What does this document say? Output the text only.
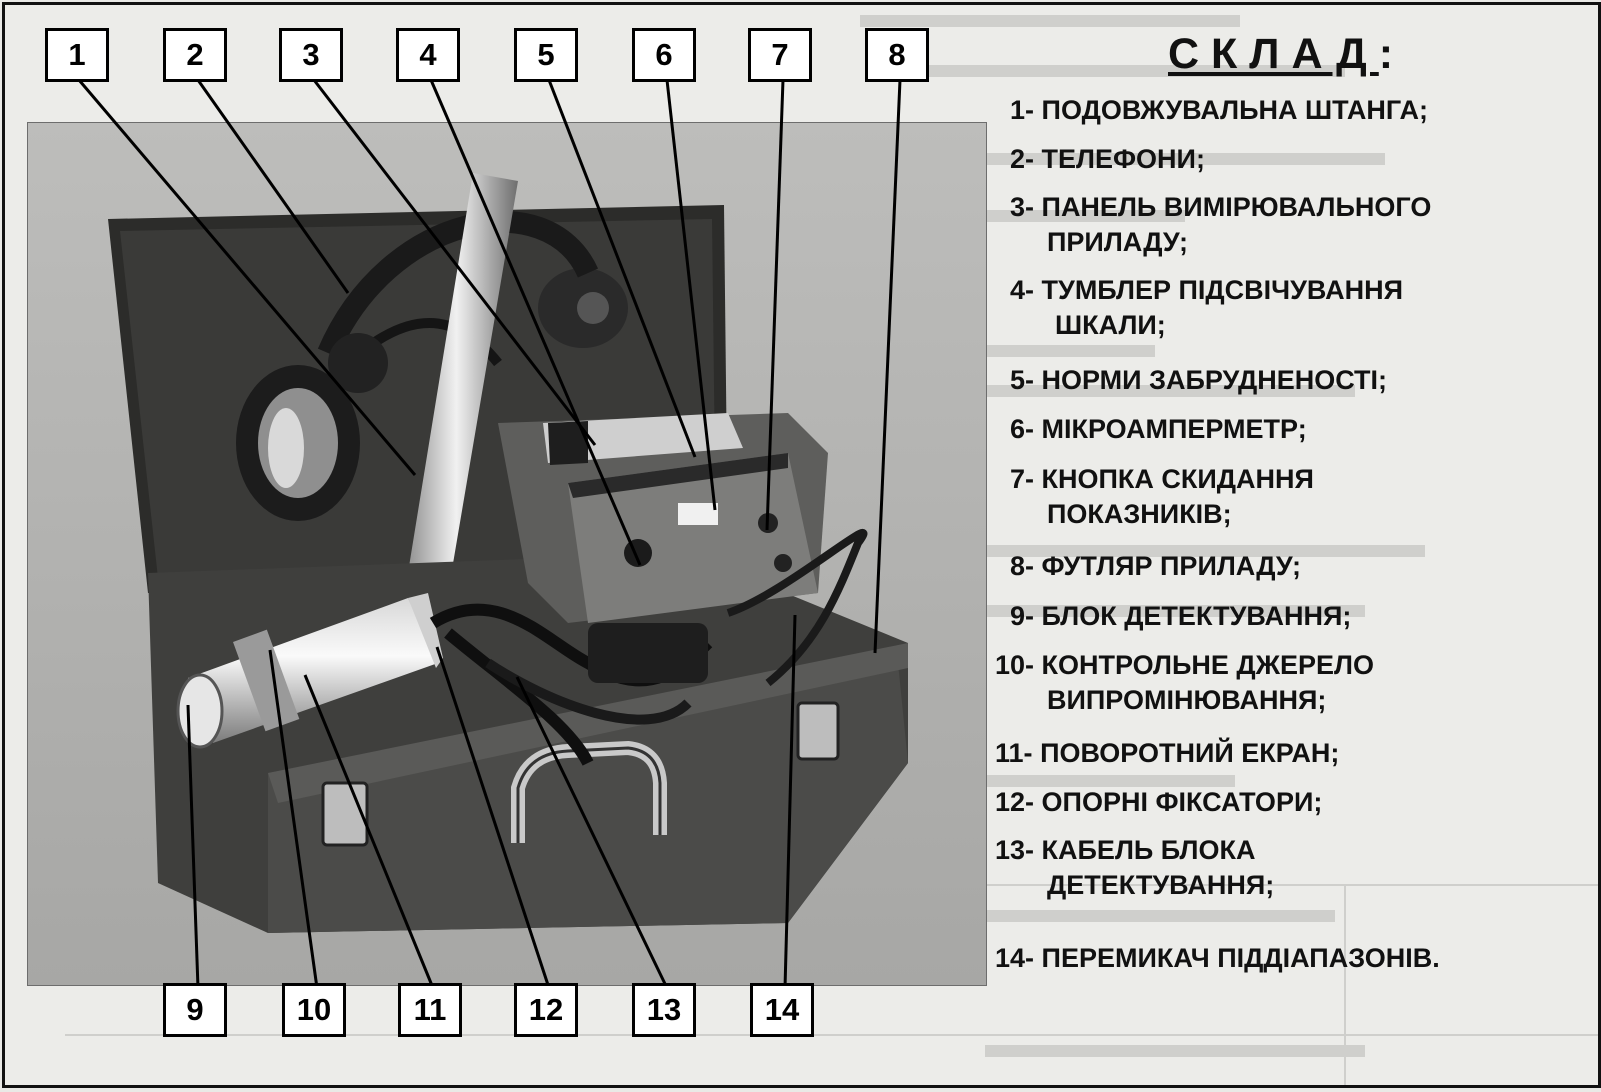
1	2	3	4	5	6	7	8
9	10	11	12	13	14
СКЛАД:
1- ПОДОВЖУВАЛЬНА ШТАНГА;
2- ТЕЛЕФОНИ;
3- ПАНЕЛЬ ВИМІРЮВАЛЬНОГО
ПРИЛАДУ;
4- ТУМБЛЕР ПІДСВІЧУВАННЯ
ШКАЛИ;
5- НОРМИ ЗАБРУДНЕНОСТІ;
6- МІКРОАМПЕРМЕТР;
7- КНОПКА СКИДАННЯ
ПОКАЗНИКІВ;
8- ФУТЛЯР ПРИЛАДУ;
9- БЛОК ДЕТЕКТУВАННЯ;
10- КОНТРОЛЬНЕ ДЖЕРЕЛО
ВИПРОМІНЮВАННЯ;
11- ПОВОРОТНИЙ ЕКРАН;
12- ОПОРНІ ФІКСАТОРИ;
13- КАБЕЛЬ БЛОКА
ДЕТЕКТУВАННЯ;
14- ПЕРЕМИКАЧ ПІДДІАПАЗОНІВ.
